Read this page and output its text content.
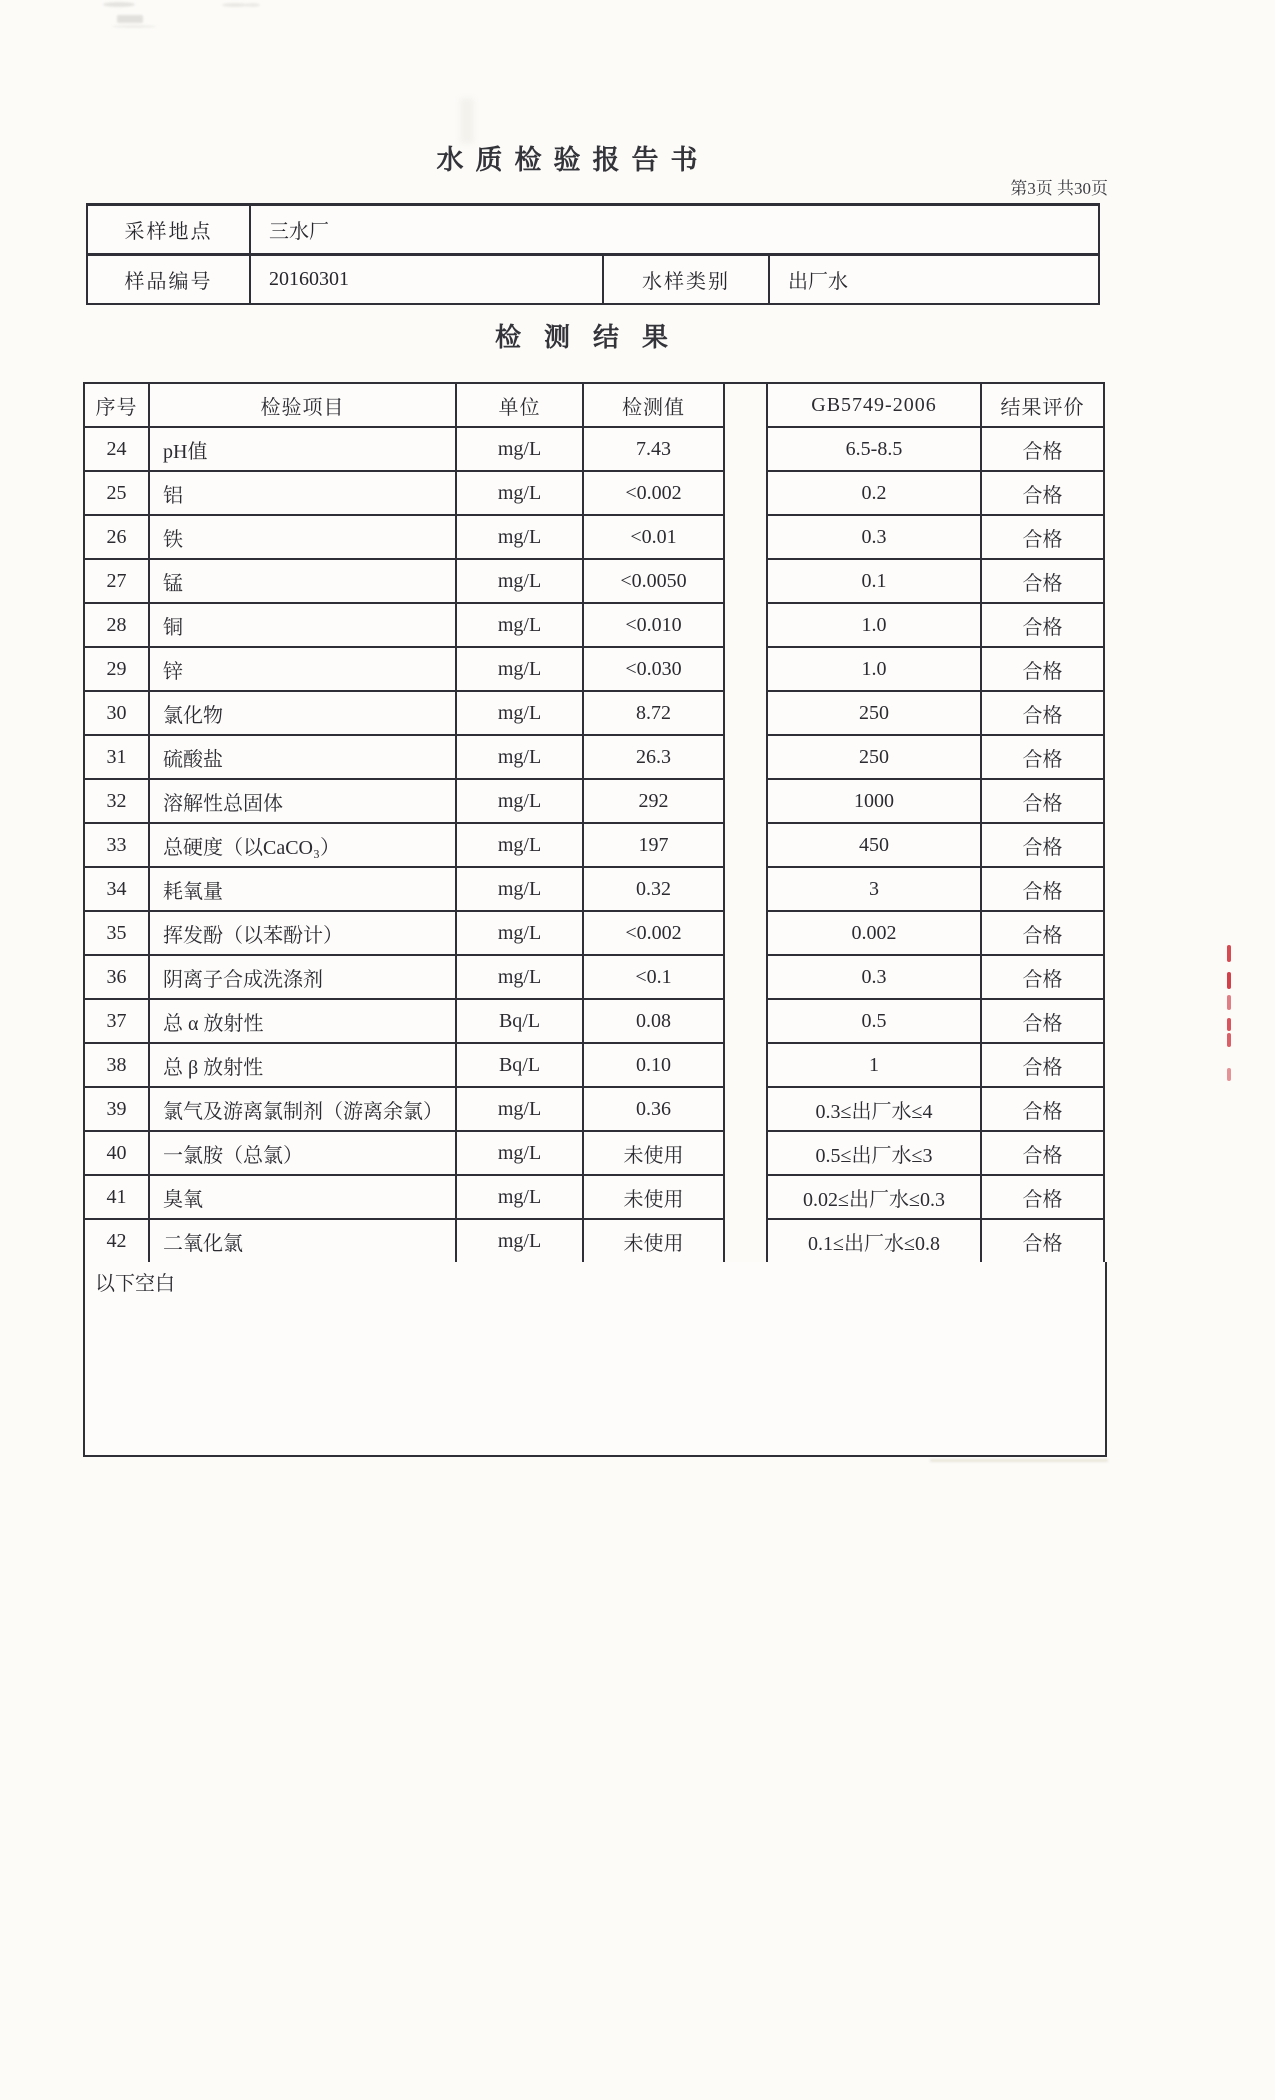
水质检验报告书
第3页 共30页
采样地点	三水厂
样品编号	20160301	水样类别	出厂水
检测结果
序号	检验项目	单位	检测值	GB5749-2006	结果评价
24	pH值	mg/L	7.43	6.5-8.5	合格
25	铝	mg/L	<0.002	0.2	合格
26	铁	mg/L	<0.01	0.3	合格
27	锰	mg/L	<0.0050	0.1	合格
28	铜	mg/L	<0.010	1.0	合格
29	锌	mg/L	<0.030	1.0	合格
30	氯化物	mg/L	8.72	250	合格
31	硫酸盐	mg/L	26.3	250	合格
32	溶解性总固体	mg/L	292	1000	合格
33	总硬度（以CaCO₃）	mg/L	197	450	合格
34	耗氧量	mg/L	0.32	3	合格
35	挥发酚（以苯酚计）	mg/L	<0.002	0.002	合格
36	阴离子合成洗涤剂	mg/L	<0.1	0.3	合格
37	总 α 放射性	Bq/L	0.08	0.5	合格
38	总 β 放射性	Bq/L	0.10	1	合格
39	氯气及游离氯制剂（游离余氯）	mg/L	0.36	0.3≤出厂水≤4	合格
40	一氯胺（总氯）	mg/L	未使用	0.5≤出厂水≤3	合格
41	臭氧	mg/L	未使用	0.02≤出厂水≤0.3	合格
42	二氧化氯	mg/L	未使用	0.1≤出厂水≤0.8	合格
以下空白
